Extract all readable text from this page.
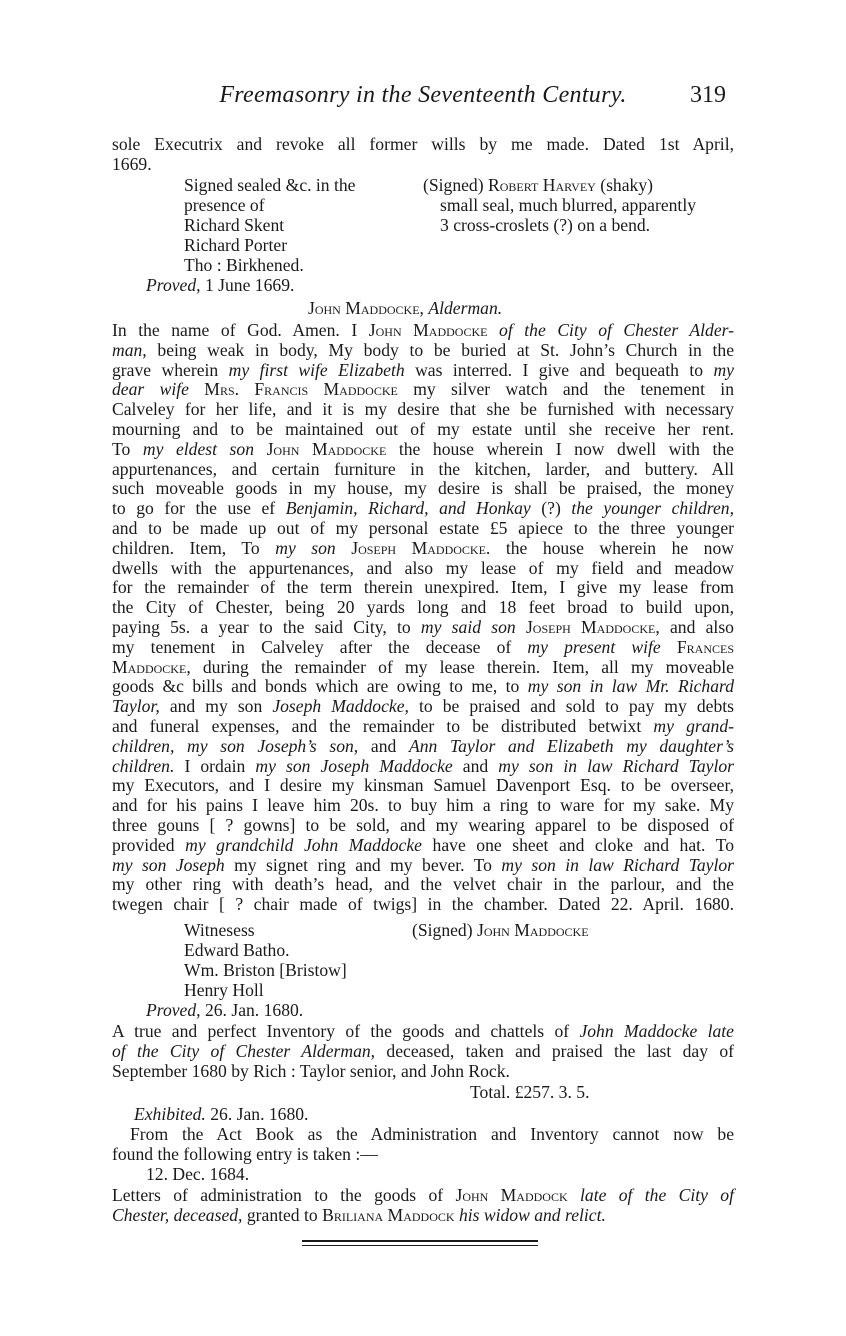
Freemasonry in the Seventeenth Century.	319
sole Executrix and revoke all former wills by me made. Dated 1st April,
1669.
Signed sealed &c. in the
presence of
Richard Skent
Richard Porter
Tho : Birkhened.
(Signed) Robert Harvey (shaky)
small seal, much blurred, apparently
3 cross-croslets (?) on a bend.
Proved, 1 June 1669.
John Maddocke, Alderman.
In the name of God. Amen. I John Maddocke of the City of Chester Alder-
man, being weak in body, My body to be buried at St. John’s Church in the
grave wherein my first wife Elizabeth was interred. I give and bequeath to my
dear wife Mrs. Francis Maddocke my silver watch and the tenement in
Calveley for her life, and it is my desire that she be furnished with necessary
mourning and to be maintained out of my estate until she receive her rent.
To my eldest son John Maddocke the house wherein I now dwell with the
appurtenances, and certain furniture in the kitchen, larder, and buttery. All
such moveable goods in my house, my desire is shall be praised, the money
to go for the use ef Benjamin, Richard, and Honkay (?) the younger children,
and to be made up out of my personal estate £5 apiece to the three younger
children. Item, To my son Joseph Maddocke. the house wherein he now
dwells with the appurtenances, and also my lease of my field and meadow
for the remainder of the term therein unexpired. Item, I give my lease from
the City of Chester, being 20 yards long and 18 feet broad to build upon,
paying 5s. a year to the said City, to my said son Joseph Maddocke, and also
my tenement in Calveley after the decease of my present wife Frances
Maddocke, during the remainder of my lease therein. Item, all my moveable
goods &c bills and bonds which are owing to me, to my son in law Mr. Richard
Taylor, and my son Joseph Maddocke, to be praised and sold to pay my debts
and funeral expenses, and the remainder to be distributed betwixt my grand-
children, my son Joseph’s son, and Ann Taylor and Elizabeth my daughter’s
children. I ordain my son Joseph Maddocke and my son in law Richard Taylor
my Executors, and I desire my kinsman Samuel Davenport Esq. to be overseer,
and for his pains I leave him 20s. to buy him a ring to ware for my sake. My
three gouns [ ? gowns] to be sold, and my wearing apparel to be disposed of
provided my grandchild John Maddocke have one sheet and cloke and hat. To
my son Joseph my signet ring and my bever. To my son in law Richard Taylor
my other ring with death’s head, and the velvet chair in the parlour, and the
twegen chair [ ? chair made of twigs] in the chamber. Dated 22. April. 1680.
Witnesess
Edward Batho.
Wm. Briston [Bristow]
Henry Holl
(Signed) John Maddocke
Proved, 26. Jan. 1680.
A true and perfect Inventory of the goods and chattels of John Maddocke late
of the City of Chester Alderman, deceased, taken and praised the last day of
September 1680 by Rich : Taylor senior, and John Rock.
Total. £257. 3. 5.
Exhibited. 26. Jan. 1680.
From the Act Book as the Administration and Inventory cannot now be
found the following entry is taken :—
12. Dec. 1684.
Letters of administration to the goods of John Maddock late of the City of
Chester, deceased, granted to Briliana Maddock his widow and relict.
